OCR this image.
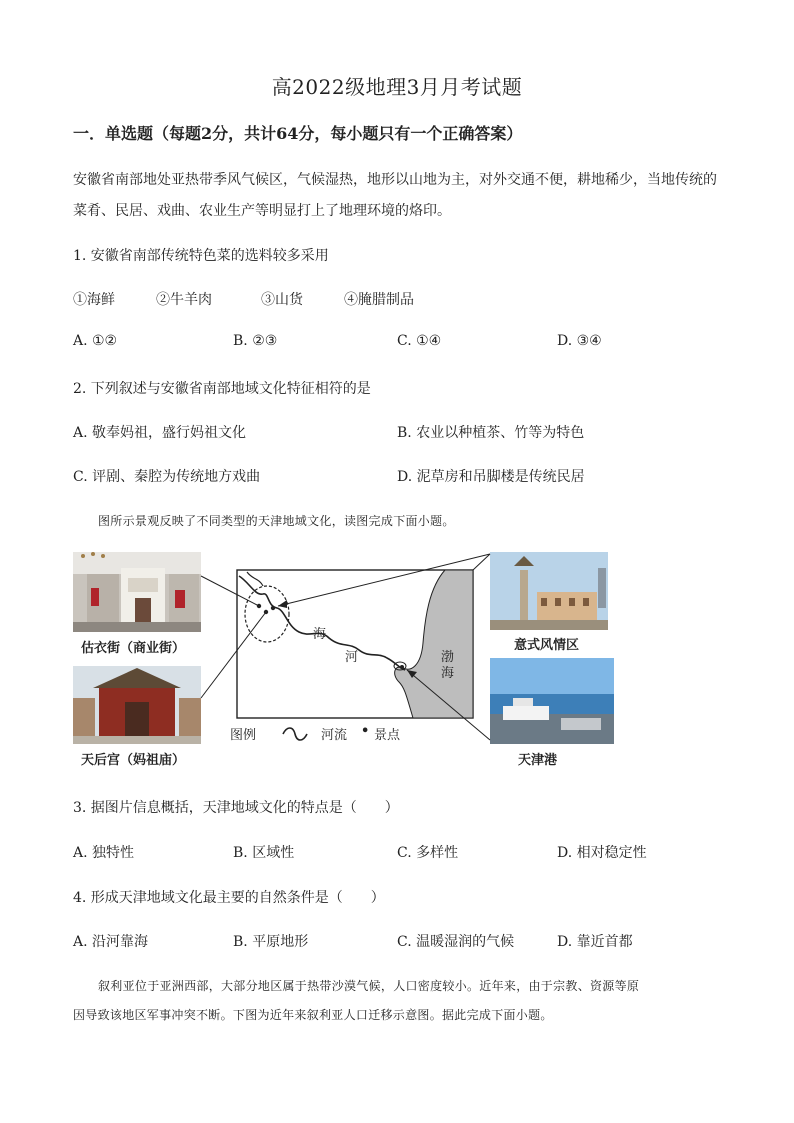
高2022级地理3月月考试题
一．单选题（每题2分，共计64分，每小题只有一个正确答案）
安徽省南部地处亚热带季风气候区，气候湿热，地形以山地为主，对外交通不便，耕地稀少，当地传统的
菜肴、民居、戏曲、农业生产等明显打上了地理环境的烙印。
1. 安徽省南部传统特色菜的选料较多采用
①海鲜	②牛羊肉	③山货	④腌腊制品
A. ①②	B. ②③	C. ①④	D. ③④
2. 下列叙述与安徽省南部地域文化特征相符的是
A. 敬奉妈祖，盛行妈祖文化	B. 农业以种植茶、竹等为特色
C. 评剧、秦腔为传统地方戏曲	D. 泥草房和吊脚楼是传统民居
图所示景观反映了不同类型的天津地域文化，读图完成下面小题。
估衣街（商业街）
天后宫（妈祖庙）
意式风情区
天津港
海
河	渤
海
图例	河流 • 景点
3. 据图片信息概括，天津地域文化的特点是（　　）
A. 独特性	B. 区域性	C. 多样性	D. 相对稳定性
4. 形成天津地域文化最主要的自然条件是（　　）
A. 沿河靠海	B. 平原地形	C. 温暖湿润的气候	D. 靠近首都
叙利亚位于亚洲西部，大部分地区属于热带沙漠气候，人口密度较小。近年来，由于宗教、资源等原
因导致该地区军事冲突不断。下图为近年来叙利亚人口迁移示意图。据此完成下面小题。
